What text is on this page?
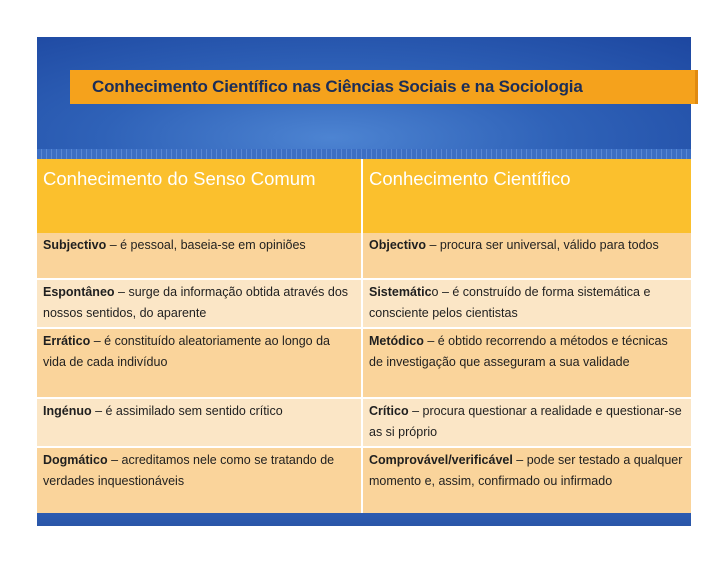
Conhecimento Científico nas Ciências Sociais e na Sociologia
Conhecimento do Senso Comum	Conhecimento Científico
Subjectivo – é pessoal, baseia-se em opiniões	Objectivo – procura ser universal, válido para todos
Espontâneo – surge da informação obtida através dos nossos sentidos, do aparente	Sistemático – é construído de forma sistemática e consciente pelos cientistas
Errático – é constituído aleatoriamente ao longo da vida de cada indivíduo	Metódico – é obtido recorrendo a métodos e técnicas de investigação que asseguram a sua validade
Ingénuo – é assimilado sem sentido crítico	Crítico – procura questionar a realidade e questionar-se as si próprio
Dogmático – acreditamos nele como se tratando de verdades inquestionáveis	Comprovável/verificável – pode ser testado a qualquer momento e, assim, confirmado ou infirmado
